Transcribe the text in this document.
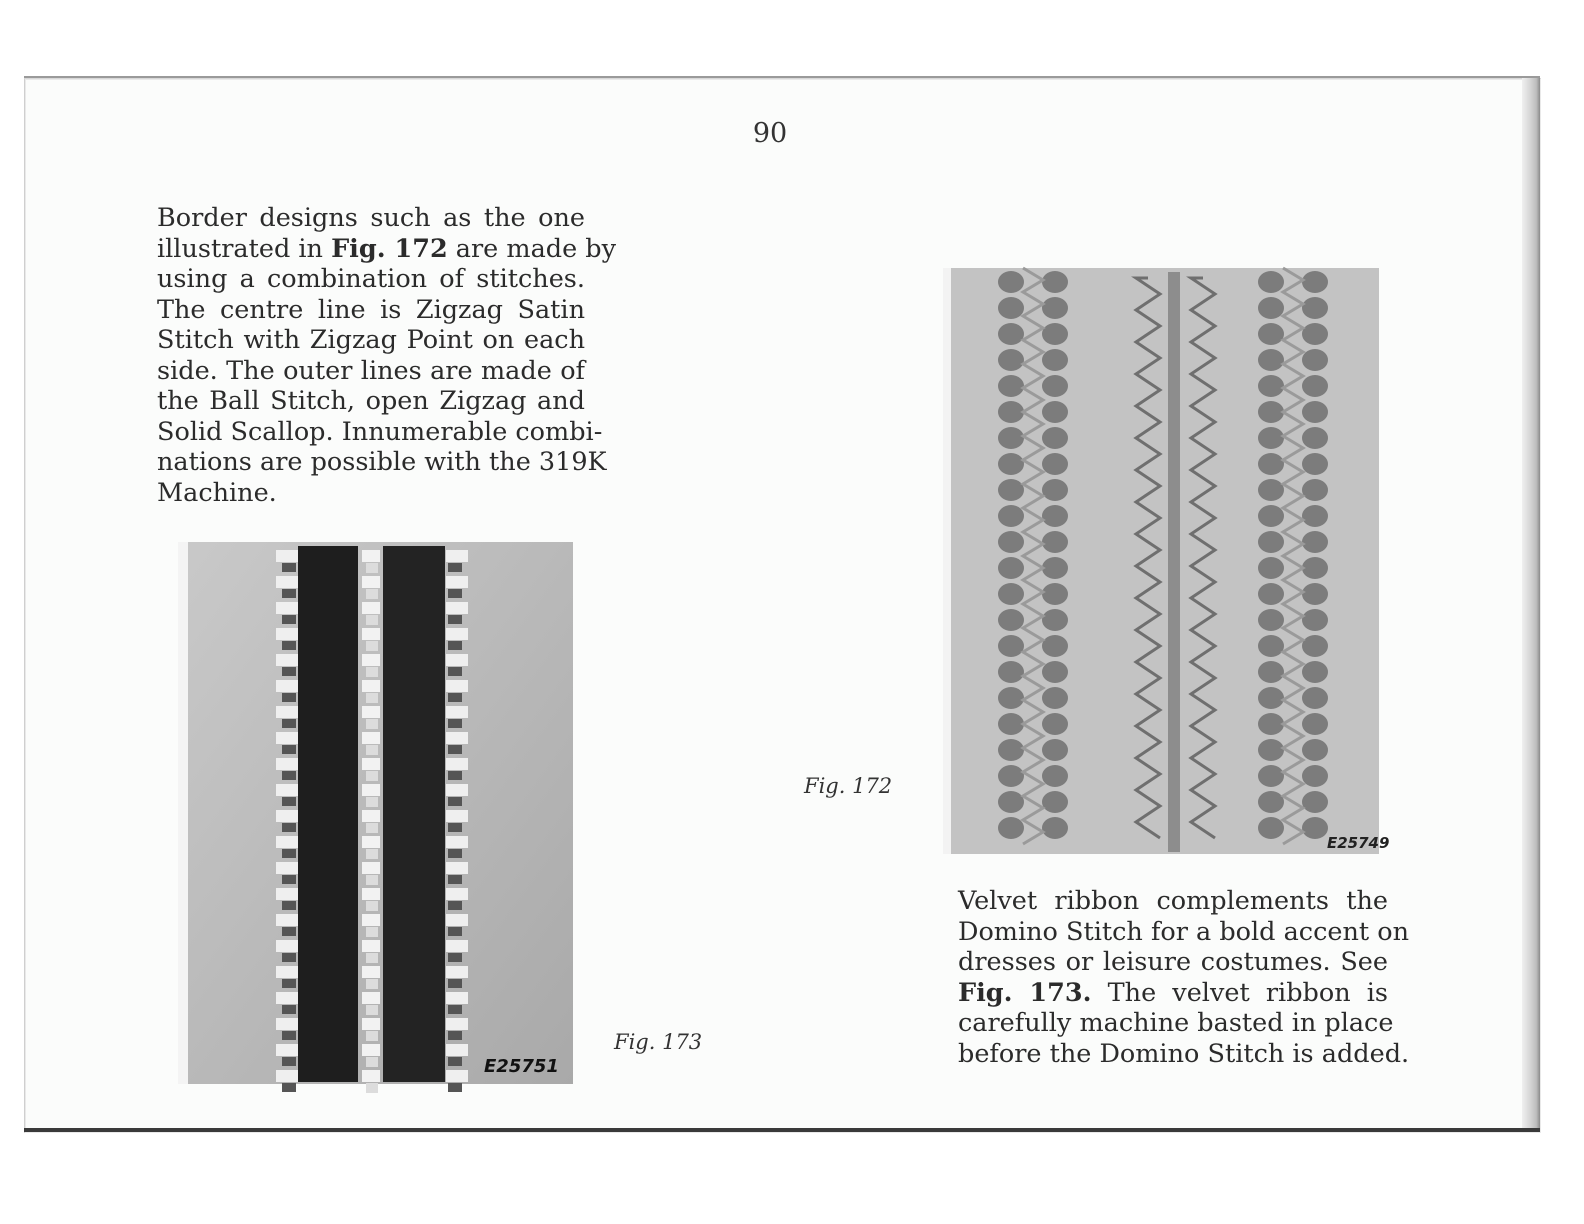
90
Border designs such as the one
illustrated in Fig. 172 are made by
using a combination of stitches.
The centre line is Zigzag Satin
Stitch with Zigzag Point on each
side. The outer lines are made of
the Ball Stitch, open Zigzag and
Solid Scallop. Innumerable combi-
nations are possible with the 319K
Machine.
E25751
Fig. 173
E25749
Fig. 172
Velvet ribbon complements the
Domino Stitch for a bold accent on
dresses or leisure costumes. See
Fig. 173. The velvet ribbon is
carefully machine basted in place
before the Domino Stitch is added.
